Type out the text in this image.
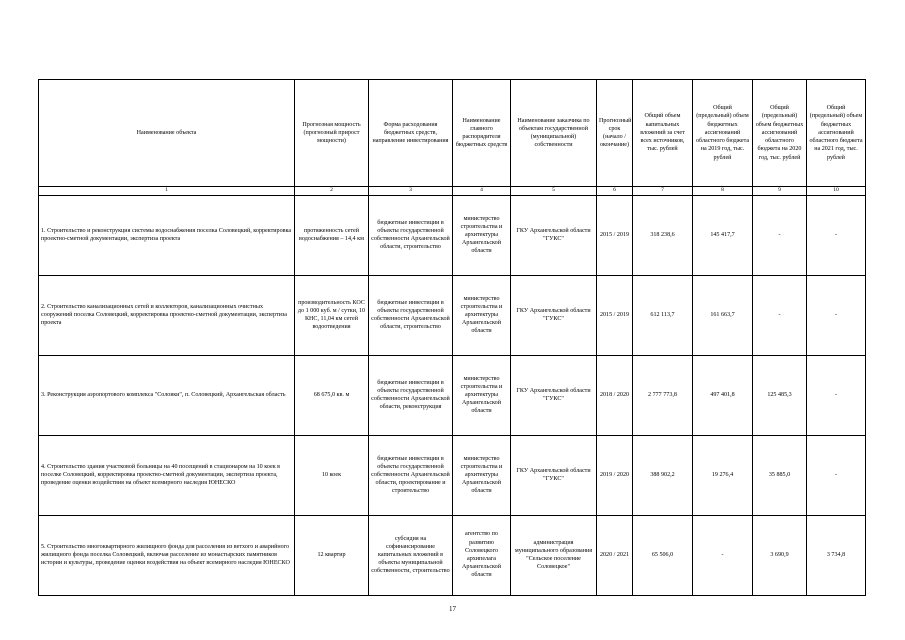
Наименование объекта	Прогнозная мощность (прогнозный прирост мощности)	Форма расходования бюджетных средств, направление инвестирования	Наименование главного распорядителя бюджетных средств	Наименование заказчика по объектам государственной (муниципальной) собственности	Прогнозный срок (начало / окончание)	Общий объем капитальных вложений за счет всех источников, тыс. рублей	Общий (предельный) объем бюджетных ассигнований областного бюджета на 2019 год, тыс. рублей	Общий (предельный) объем бюджетных ассигнований областного бюджета на 2020 год, тыс. рублей	Общий (предельный) объем бюджетных ассигнований областного бюджета на 2021 год, тыс. рублей
1	2	3	4	5	6	7	8	9	10
1. Строительство и реконструкция системы водоснабжения поселка Соловецкий, корректировка проектно-сметной документации, экспертиза проекта	протяженность сетей водоснабжения – 14,4 км	бюджетные инвестиции в объекты государственной собственности Архангельской области, строительство	министерство строительства и архитектуры Архангельской области	ГКУ Архангельской области "ГУКС"	2015 / 2019	318 238,6	145 417,7	-	-
2. Строительство канализационных сетей и коллекторов, канализационных очистных сооружений поселка Соловецкий, корректировка проектно-сметной документации, экспертиза проекта	производительность КОС до 1 000 куб. м / сутки, 10 КНС, 11,04 км сетей водоотведения	бюджетные инвестиции в объекты государственной собственности Архангельской области, строительство	министерство строительства и архитектуры Архангельской области	ГКУ Архангельской области "ГУКС"	2015 / 2019	612 113,7	161 663,7	-	-
3. Реконструкция аэропортового комплекса "Соловки", п. Соловецкий, Архангельская область	68 675,0 кв. м	бюджетные инвестиции в объекты государственной собственности Архангельской области, реконструкция	министерство строительства и архитектуры Архангельской области	ГКУ Архангельской области "ГУКС"	2018 / 2020	2 777 773,8	497 401,8	125 485,3	-
4. Строительство здания участковой больницы на 40 посещений в стационаром на 10 коек в поселке Соловецкий, корректировка проектно-сметной документации, экспертиза проекта, проведение оценки воздействия на объект всемирного наследия ЮНЕСКО	10 коек	бюджетные инвестиции в объекты государственной собственности Архангельской области, проектирование и строительство	министерство строительства и архитектуры Архангельской области	ГКУ Архангельской области "ГУКС"	2019 / 2020	388 902,2	19 276,4	35 885,0	-
5. Строительство многоквартирного жилищного фонда для расселения из ветхого и аварийного жилищного фонда поселка Соловецкий, включая расселение из монастырских памятников истории и культуры, проведение оценки воздействия на объект всемирного наследия ЮНЕСКО	12 квартир	субсидия на софинансирование капитальных вложений в объекты муниципальной собственности, строительство	агентство по развитию Соловецкого архипелага Архангельской области	администрация муниципального образования "Сельское поселение Соловецкое"	2020 / 2021	65 506,0	-	3 690,9	3 734,8
17
